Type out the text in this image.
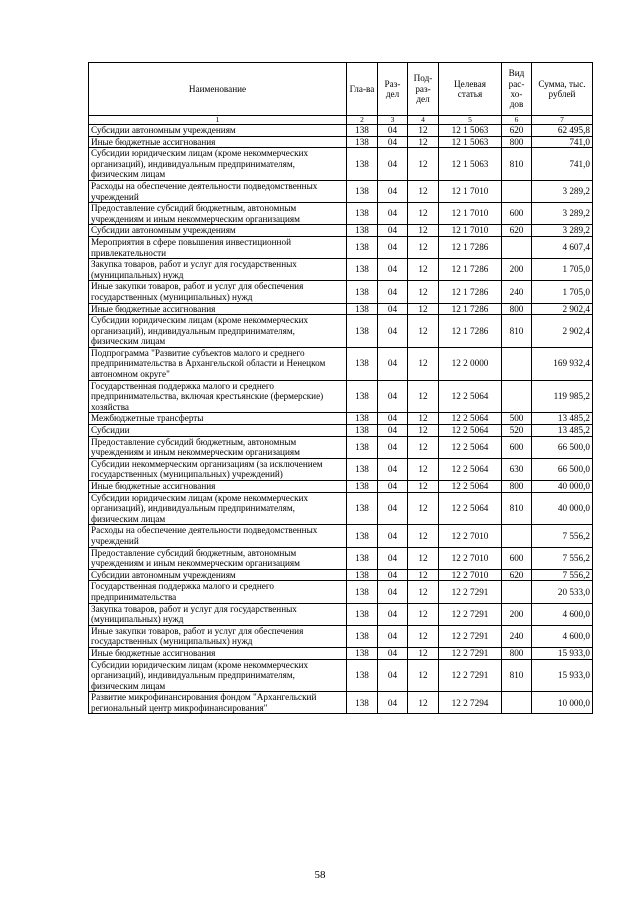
Наименование	Гла-ва	Раз-дел	Под-раз-дел	Целевая статья	Вид рас-хо-дов	Сумма, тыс. рублей
1	2	3	4	5	6	7
Субсидии автономным учреждениям	138	04	12	12 1 5063	620	62 495,8
Иные бюджетные ассигнования	138	04	12	12 1 5063	800	741,0
Субсидии юридическим лицам (кроме некоммерческих организаций), индивидуальным предпринимателям, физическим лицам	138	04	12	12 1 5063	810	741,0
Расходы на обеспечение деятельности подведомственных учреждений	138	04	12	12 1 7010		3 289,2
Предоставление субсидий бюджетным, автономным учреждениям и иным некоммерческим организациям	138	04	12	12 1 7010	600	3 289,2
Субсидии автономным учреждениям	138	04	12	12 1 7010	620	3 289,2
Мероприятия в сфере повышения инвестиционной привлекательности	138	04	12	12 1 7286		4 607,4
Закупка товаров, работ и услуг для государственных (муниципальных) нужд	138	04	12	12 1 7286	200	1 705,0
Иные закупки товаров, работ и услуг для обеспечения государственных (муниципальных) нужд	138	04	12	12 1 7286	240	1 705,0
Иные бюджетные ассигнования	138	04	12	12 1 7286	800	2 902,4
Субсидии юридическим лицам (кроме некоммерческих организаций), индивидуальным предпринимателям, физическим лицам	138	04	12	12 1 7286	810	2 902,4
Подпрограмма "Развитие субъектов малого и среднего предпринимательства в Архангельской области и Ненецком автономном округе"	138	04	12	12 2 0000		169 932,4
Государственная поддержка малого и среднего предпринимательства, включая крестьянские (фермерские) хозяйства	138	04	12	12 2 5064		119 985,2
Межбюджетные трансферты	138	04	12	12 2 5064	500	13 485,2
Субсидии	138	04	12	12 2 5064	520	13 485,2
Предоставление субсидий бюджетным, автономным учреждениям и иным некоммерческим организациям	138	04	12	12 2 5064	600	66 500,0
Субсидии некоммерческим организациям (за исключением государственных (муниципальных) учреждений)	138	04	12	12 2 5064	630	66 500,0
Иные бюджетные ассигнования	138	04	12	12 2 5064	800	40 000,0
Субсидии юридическим лицам (кроме некоммерческих организаций), индивидуальным предпринимателям, физическим лицам	138	04	12	12 2 5064	810	40 000,0
Расходы на обеспечение деятельности подведомственных учреждений	138	04	12	12 2 7010		7 556,2
Предоставление субсидий бюджетным, автономным учреждениям и иным некоммерческим организациям	138	04	12	12 2 7010	600	7 556,2
Субсидии автономным учреждениям	138	04	12	12 2 7010	620	7 556,2
Государственная поддержка малого и среднего предпринимательства	138	04	12	12 2 7291		20 533,0
Закупка товаров, работ и услуг для государственных (муниципальных) нужд	138	04	12	12 2 7291	200	4 600,0
Иные закупки товаров, работ и услуг для обеспечения государственных (муниципальных) нужд	138	04	12	12 2 7291	240	4 600,0
Иные бюджетные ассигнования	138	04	12	12 2 7291	800	15 933,0
Субсидии юридическим лицам (кроме некоммерческих организаций), индивидуальным предпринимателям, физическим лицам	138	04	12	12 2 7291	810	15 933,0
Развитие микрофинансирования фондом "Архангельский региональный центр микрофинансирования"	138	04	12	12 2 7294		10 000,0
58
